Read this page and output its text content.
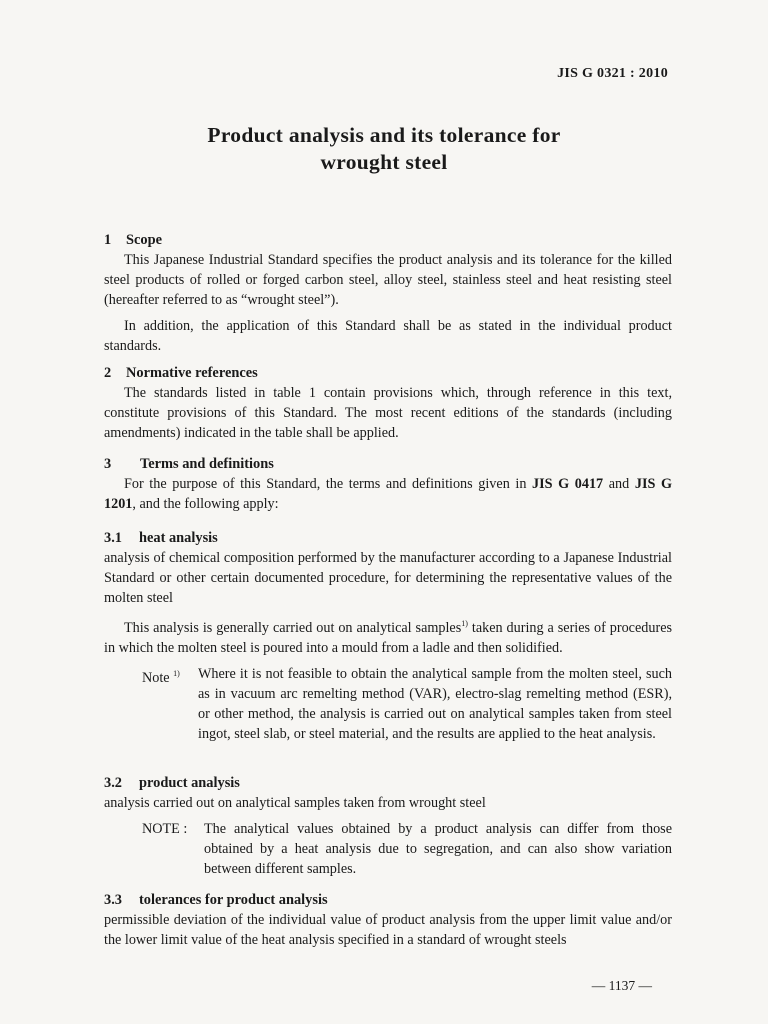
JIS G 0321 : 2010
Product analysis and its tolerance for
wrought steel
1 Scope

This Japanese Industrial Standard specifies the product analysis and its tolerance for the killed steel products of rolled or forged carbon steel, alloy steel, stainless steel and heat resisting steel (hereafter referred to as “wrought steel”).

In addition, the application of this Standard shall be as stated in the individual product standards.

2 Normative references

The standards listed in table 1 contain provisions which, through reference in this text, constitute provisions of this Standard. The most recent editions of the standards (including amendments) indicated in the table shall be applied.

3 Terms and definitions

For the purpose of this Standard, the terms and definitions given in JIS G 0417 and JIS G 1201, and the following apply:

3.1 heat analysis

analysis of chemical composition performed by the manufacturer according to a Japanese Industrial Standard or other certain documented procedure, for determining the representative values of the molten steel

This analysis is generally carried out on analytical samples$^{1)}$ taken during a series of procedures in which the molten steel is poured into a mould from a ladle and then solidified.

Note $^{1)}$ Where it is not feasible to obtain the analytical sample from the molten steel, such as in vacuum arc remelting method (VAR), electro-slag remelting method (ESR), or other method, the analysis is carried out on analytical samples taken from steel ingot, steel slab, or steel material, and the results are applied to the heat analysis.
3.2 product analysis

analysis carried out on analytical samples taken from wrought steel

NOTE : The analytical values obtained by a product analysis can differ from those obtained by a heat analysis due to segregation, and can also show variation between different samples.
3.3 tolerances for product analysis

permissible deviation of the individual value of product analysis from the upper limit value and/or the lower limit value of the heat analysis specified in a standard of wrought steels

— 1137 —
